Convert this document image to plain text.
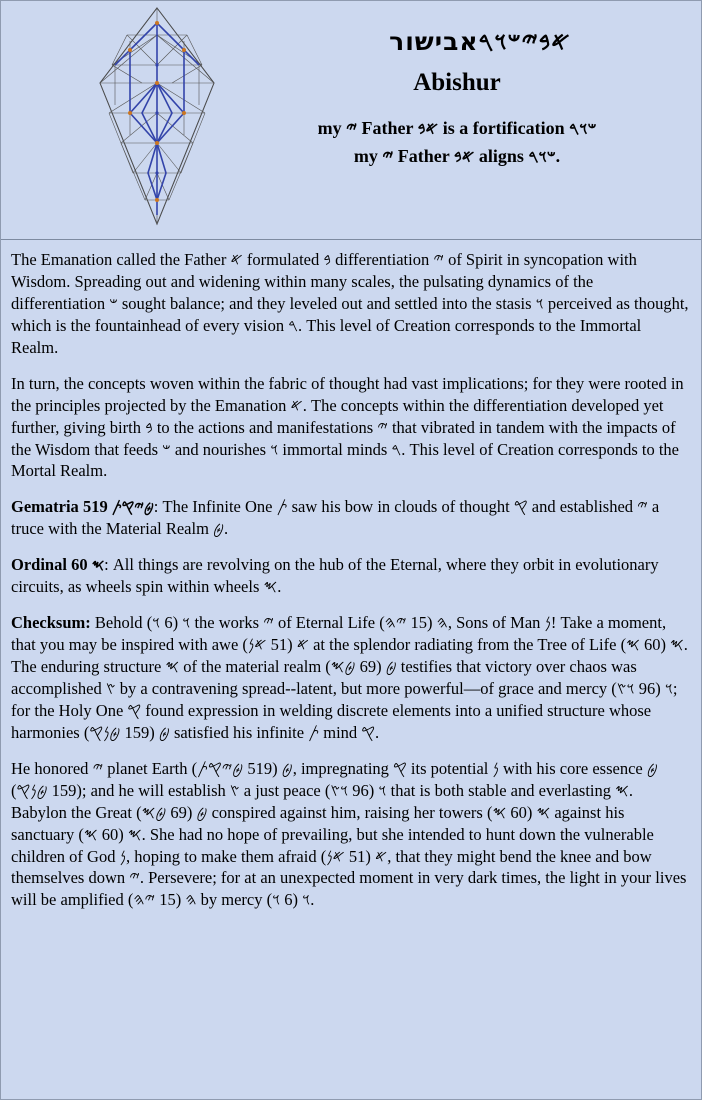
𐤀𐤁𐤉𐤔𐤅𐤓אבישור
Abishur
my 𐤉 Father 𐤀𐤁 is a fortification 𐤔𐤅𐤓
my 𐤉 Father 𐤀𐤁 aligns 𐤔𐤅𐤓.

The Emanation called the Father 𐤀 formulated 𐤁 differentiation 𐤉 of Spirit in syncopation with Wisdom. Spreading out and widening within many scales, the pulsating dynamics of the differentiation 𐤔 sought balance; and they leveled out and settled into the stasis 𐤅 perceived as thought, which is the fountainhead of every vision 𐤓. This level of Creation corresponds to the Immortal Realm.

In turn, the concepts woven within the fabric of thought had vast implications; for they were rooted in the principles projected by the Emanation 𐤀. The concepts within the differentiation developed yet further, giving birth 𐤁 to the actions and manifestations 𐤉 that vibrated in tandem with the impacts of the Wisdom that feeds 𐤔 and nourishes 𐤅 immortal minds 𐤓. This level of Creation corresponds to the Mortal Realm.

Gematria 519 𐤈𐤉𐤒𐤕: The Infinite One 𐤕 saw his bow in clouds of thought 𐤒 and established 𐤉 a truce with the Material Realm 𐤈.

Ordinal 60 𐤎: All things are revolving on the hub of the Eternal, where they orbit in evolutionary circuits, as wheels spin within wheels 𐤎.

Checksum: Behold 𐤅 (6 𐤅) the works 𐤉 of Eternal Life 𐤄 (15 𐤉𐤄), Sons of Man 𐤍! Take a moment, that you may be inspired with awe 𐤀 (51 𐤀𐤍) at the splendor radiating from the Tree of Life 𐤎 (60 𐤎). The enduring structure 𐤎 of the material realm 𐤈 (69 𐤈𐤎) testifies that victory over chaos was accomplished 𐤑 by a contravening spread--latent, but more powerful—of grace and mercy 𐤅 (96 𐤅𐤑); for the Holy One 𐤒 found expression in welding discrete elements into a unified structure whose harmonies 𐤈 (159 𐤈𐤍𐤒) satisfied his infinite 𐤕 mind 𐤒.

He honored 𐤉 planet Earth 𐤈 (519 𐤈𐤉𐤒𐤕), impregnating 𐤒 its potential 𐤍 with his core essence 𐤈 (159 𐤈𐤍𐤒); and he will establish 𐤑 a just peace 𐤅 (96 𐤅𐤑) that is both stable and everlasting 𐤎. Babylon the Great 𐤈 (69 𐤈𐤎) conspired against him, raising her towers 𐤎 (60 𐤎) against his sanctuary 𐤎 (60 𐤎). She had no hope of prevailing, but she intended to hunt down the vulnerable children of God 𐤍, hoping to make them afraid 𐤀 (51 𐤀𐤍), that they might bend the knee and bow themselves down 𐤉. Persevere; for at an unexpected moment in very dark times, the light in your lives will be amplified 𐤄 (15 𐤉𐤄) by mercy 𐤅 (6 𐤅).
